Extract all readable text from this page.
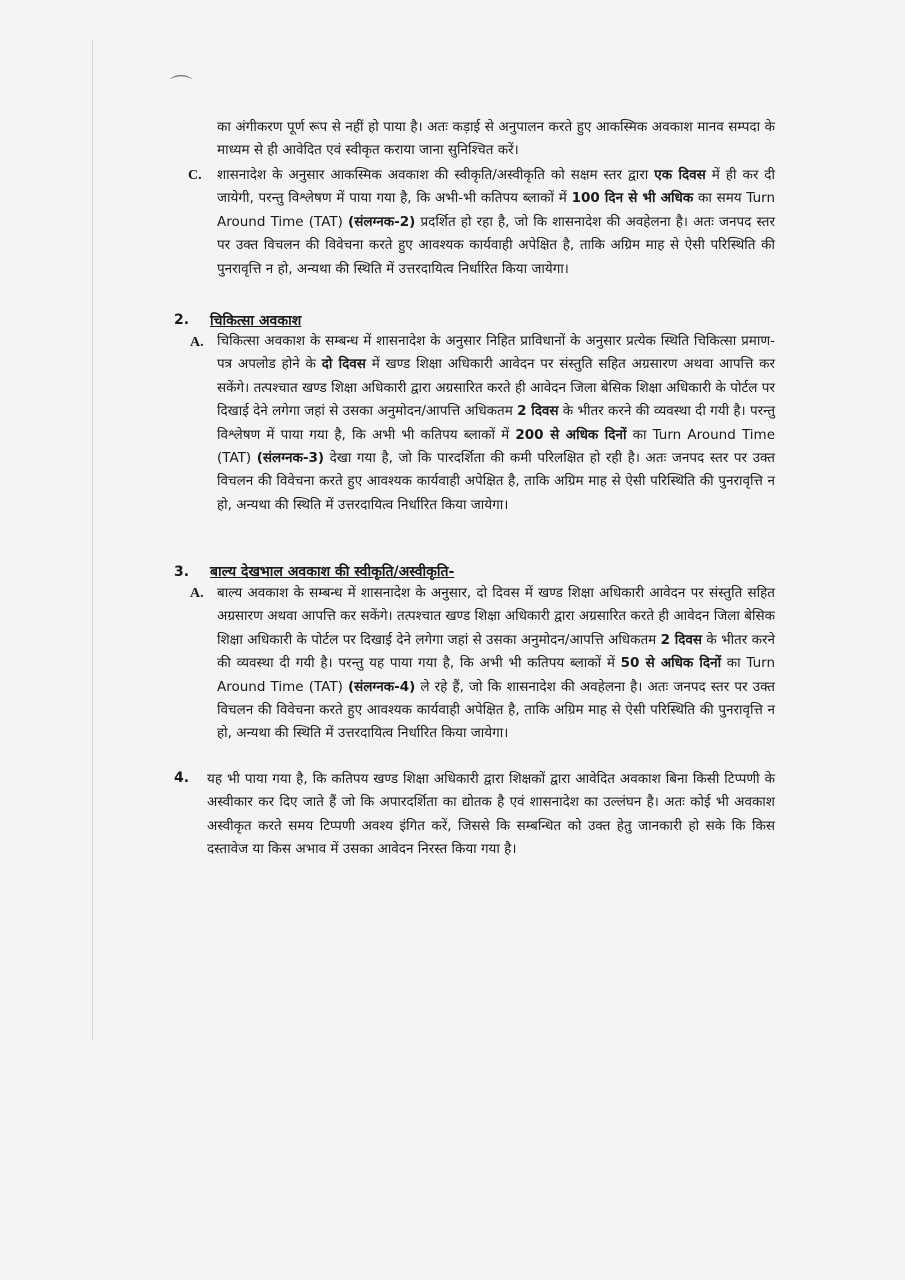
⌒

का अंगीकरण पूर्ण रूप से नहीं हो पाया है। अतः कड़ाई से अनुपालन करते हुए आकस्मिक अवकाश मानव सम्पदा के माध्यम से ही आवेदित एवं स्वीकृत कराया जाना सुनिश्चित करें।

C. शासनादेश के अनुसार आकस्मिक अवकाश की स्वीकृति/अस्वीकृति को सक्षम स्तर द्वारा एक दिवस में ही कर दी जायेगी, परन्तु विश्लेषण में पाया गया है, कि अभी-भी कतिपय ब्लाकों में 100 दिन से भी अधिक का समय Turn Around Time (TAT) (संलग्नक-2) प्रदर्शित हो रहा है, जो कि शासनादेश की अवहेलना है। अतः जनपद स्तर पर उक्त विचलन की विवेचना करते हुए आवश्यक कार्यवाही अपेक्षित है, ताकि अग्रिम माह से ऐसी परिस्थिति की पुनरावृत्ति न हो, अन्यथा की स्थिति में उत्तरदायित्व निर्धारित किया जायेगा।

2. चिकित्सा अवकाश
A. चिकित्सा अवकाश के सम्बन्ध में शासनादेश के अनुसार निहित प्राविधानों के अनुसार प्रत्येक स्थिति चिकित्सा प्रमाण-पत्र अपलोड होने के दो दिवस में खण्ड शिक्षा अधिकारी आवेदन पर संस्तुति सहित अग्रसारण अथवा आपत्ति कर सकेंगे। तत्पश्चात खण्ड शिक्षा अधिकारी द्वारा अग्रसारित करते ही आवेदन जिला बेसिक शिक्षा अधिकारी के पोर्टल पर दिखाई देने लगेगा जहां से उसका अनुमोदन/आपत्ति अधिकतम 2 दिवस के भीतर करने की व्यवस्था दी गयी है। परन्तु विश्लेषण में पाया गया है, कि अभी भी कतिपय ब्लाकों में 200 से अधिक दिनों का Turn Around Time (TAT) (संलग्नक-3) देखा गया है, जो कि पारदर्शिता की कमी परिलक्षित हो रही है। अतः जनपद स्तर पर उक्त विचलन की विवेचना करते हुए आवश्यक कार्यवाही अपेक्षित है, ताकि अग्रिम माह से ऐसी परिस्थिति की पुनरावृत्ति न हो, अन्यथा की स्थिति में उत्तरदायित्व निर्धारित किया जायेगा।

3. बाल्य देखभाल अवकाश की स्वीकृति/अस्वीकृति-
A. बाल्य अवकाश के सम्बन्ध में शासनादेश के अनुसार, दो दिवस में खण्ड शिक्षा अधिकारी आवेदन पर संस्तुति सहित अग्रसारण अथवा आपत्ति कर सकेंगे। तत्पश्चात खण्ड शिक्षा अधिकारी द्वारा अग्रसारित करते ही आवेदन जिला बेसिक शिक्षा अधिकारी के पोर्टल पर दिखाई देने लगेगा जहां से उसका अनुमोदन/आपत्ति अधिकतम 2 दिवस के भीतर करने की व्यवस्था दी गयी है। परन्तु यह पाया गया है, कि अभी भी कतिपय ब्लाकों में 50 से अधिक दिनों का Turn Around Time (TAT) (संलग्नक-4) ले रहे हैं, जो कि शासनादेश की अवहेलना है। अतः जनपद स्तर पर उक्त विचलन की विवेचना करते हुए आवश्यक कार्यवाही अपेक्षित है, ताकि अग्रिम माह से ऐसी परिस्थिति की पुनरावृत्ति न हो, अन्यथा की स्थिति में उत्तरदायित्व निर्धारित किया जायेगा।

4. यह भी पाया गया है, कि कतिपय खण्ड शिक्षा अधिकारी द्वारा शिक्षकों द्वारा आवेदित अवकाश बिना किसी टिप्पणी के अस्वीकार कर दिए जाते हैं जो कि अपारदर्शिता का द्योतक है एवं शासनादेश का उल्लंघन है। अतः कोई भी अवकाश अस्वीकृत करते समय टिप्पणी अवश्य इंगित करें, जिससे कि सम्बन्धित को उक्त हेतु जानकारी हो सके कि किस दस्तावेज या किस अभाव में उसका आवेदन निरस्त किया गया है।
